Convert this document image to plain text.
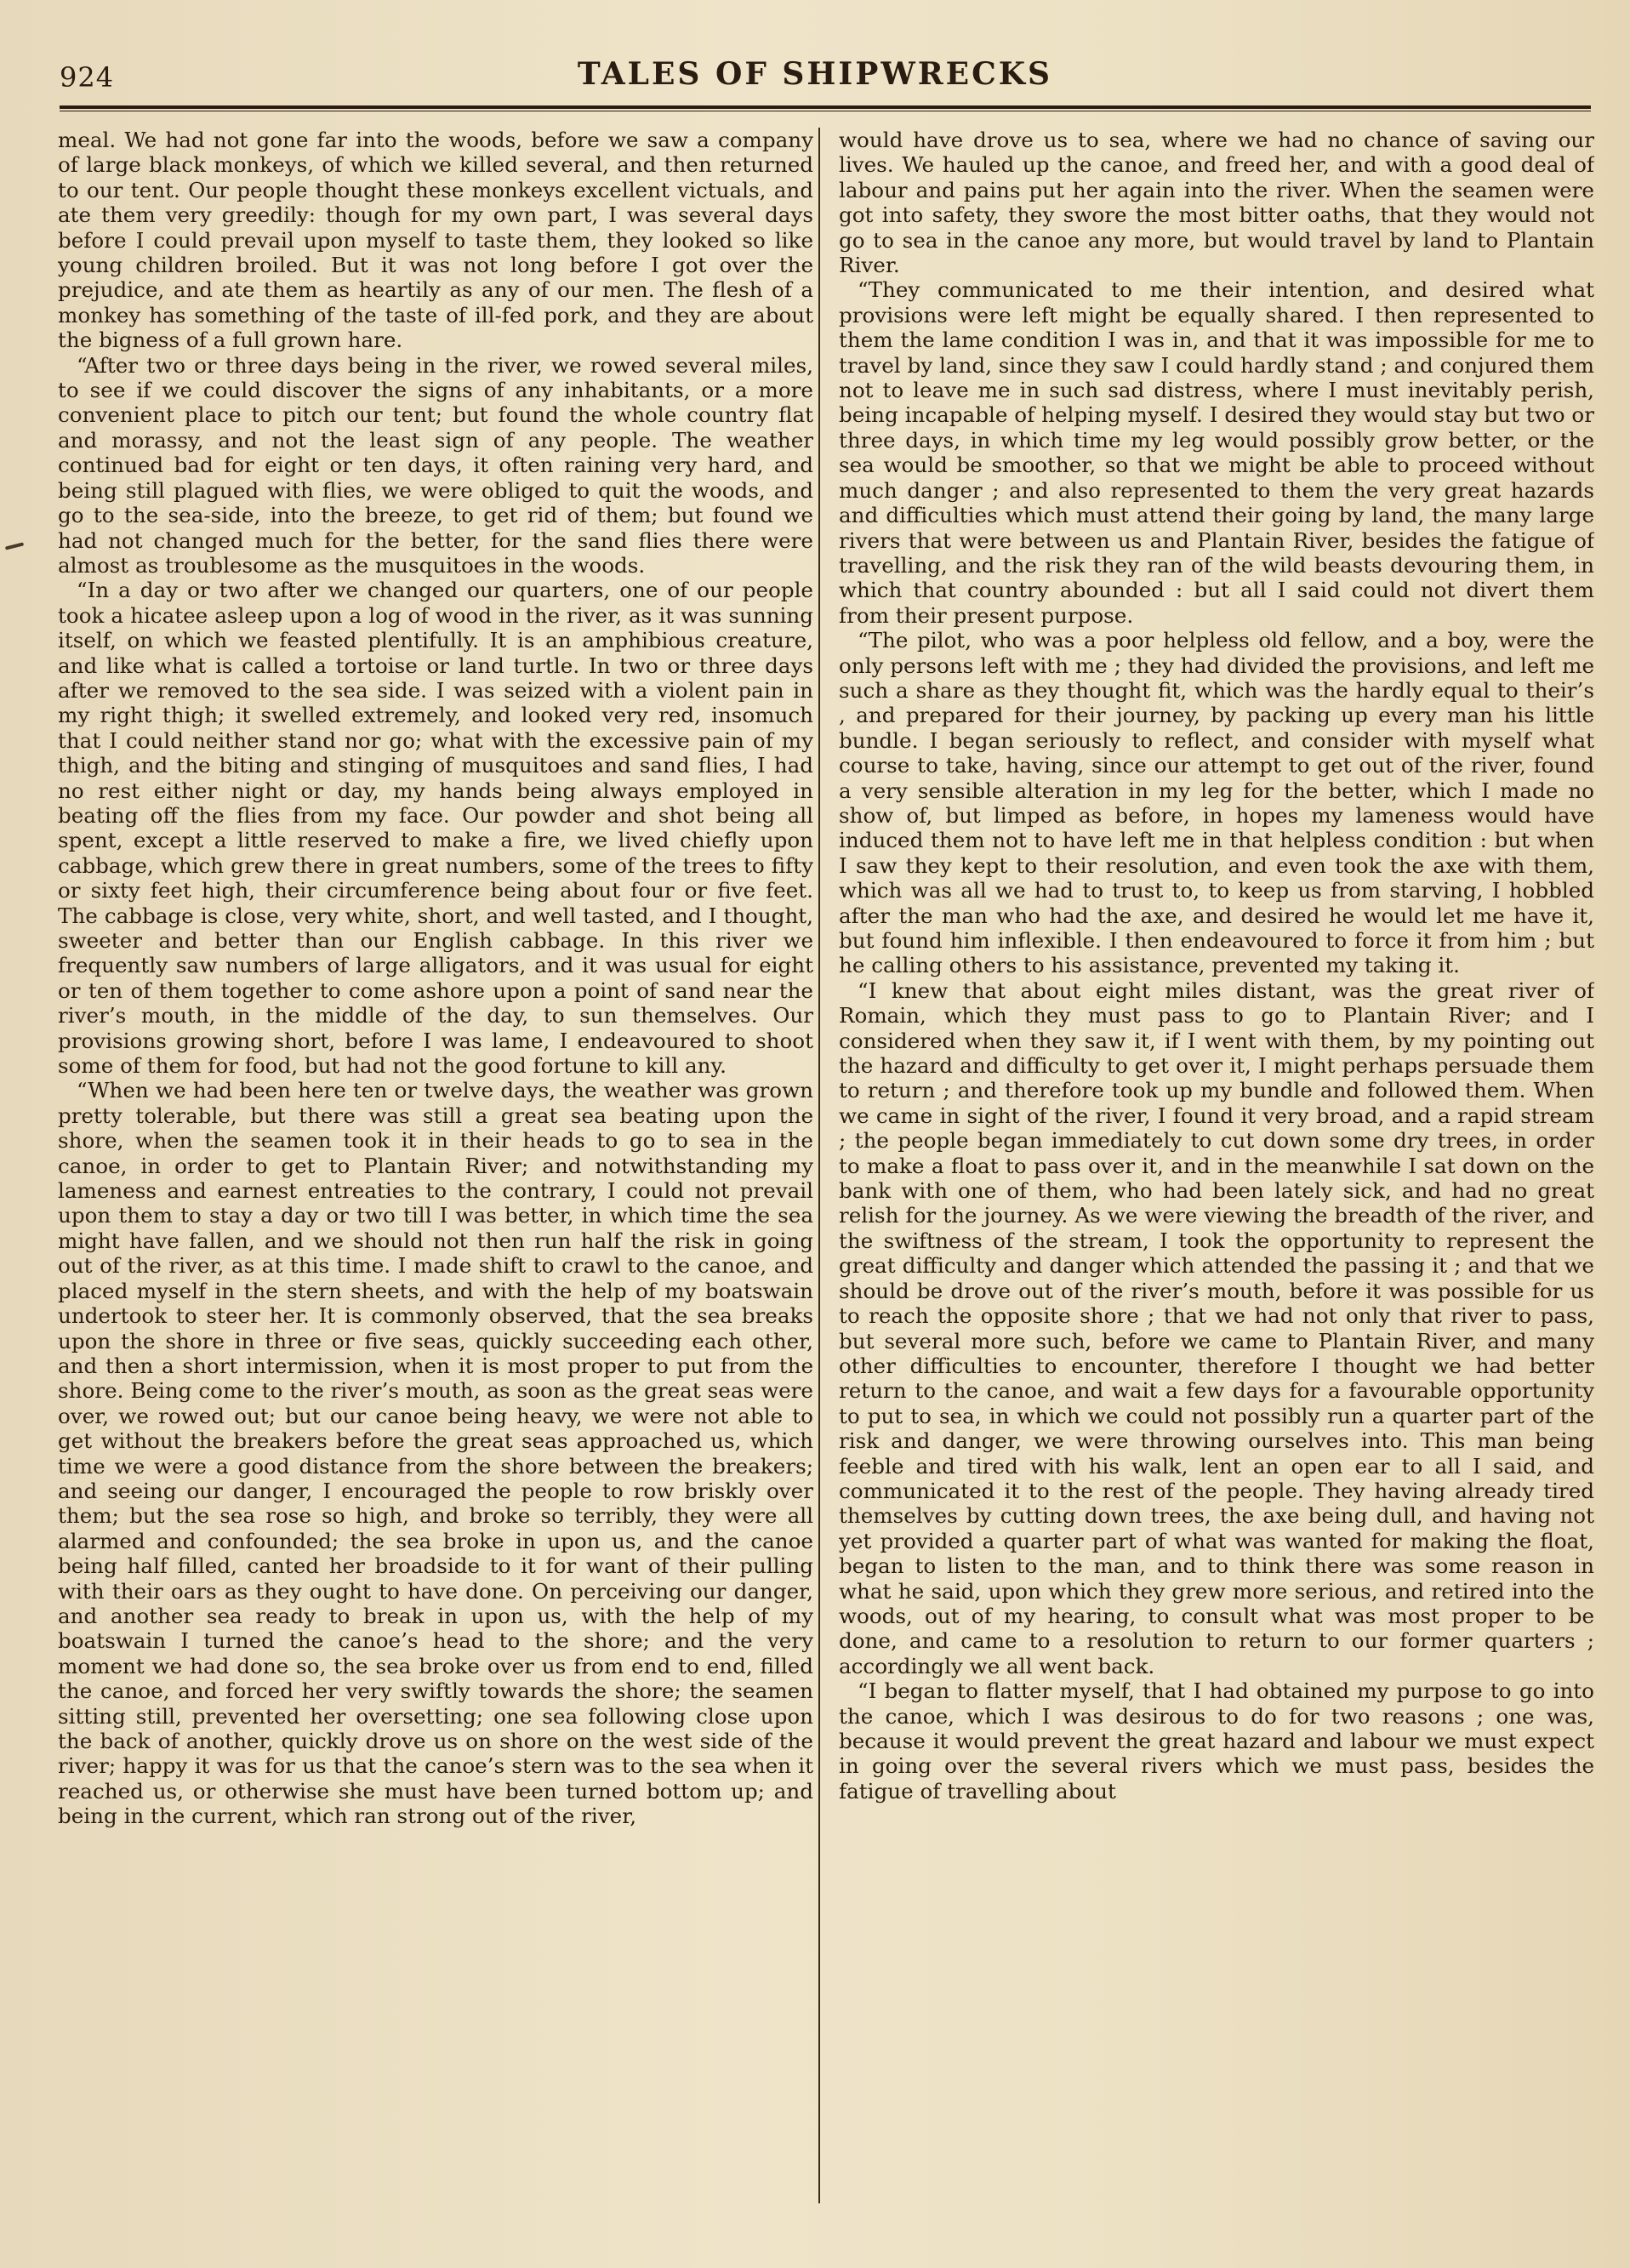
924	TALES OF SHIPWRECKS

meal. We had not gone far into the woods, before we saw a company of large black monkeys, of which we killed several, and then returned to our tent. Our people thought these monkeys excellent victuals, and ate them very greedily: though for my own part, I was several days before I could prevail upon myself to taste them, they looked so like young children broiled. But it was not long before I got over the prejudice, and ate them as heartily as any of our men. The flesh of a monkey has something of the taste of ill-fed pork, and they are about the bigness of a full grown hare.

“After two or three days being in the river, we rowed several miles, to see if we could discover the signs of any inhabitants, or a more convenient place to pitch our tent; but found the whole country flat and morassy, and not the least sign of any people. The weather continued bad for eight or ten days, it often raining very hard, and being still plagued with flies, we were obliged to quit the woods, and go to the sea-side, into the breeze, to get rid of them; but found we had not changed much for the better, for the sand flies there were almost as troublesome as the musquitoes in the woods.

“In a day or two after we changed our quarters, one of our people took a hicatee asleep upon a log of wood in the river, as it was sunning itself, on which we feasted plentifully. It is an amphibious creature, and like what is called a tortoise or land turtle. In two or three days after we removed to the sea side. I was seized with a violent pain in my right thigh; it swelled extremely, and looked very red, insomuch that I could neither stand nor go; what with the excessive pain of my thigh, and the biting and stinging of musquitoes and sand flies, I had no rest either night or day, my hands being always employed in beating off the flies from my face. Our powder and shot being all spent, except a little reserved to make a fire, we lived chiefly upon cabbage, which grew there in great numbers, some of the trees to fifty or sixty feet high, their circumference being about four or five feet. The cabbage is close, very white, short, and well tasted, and I thought, sweeter and better than our English cabbage. In this river we frequently saw numbers of large alligators, and it was usual for eight or ten of them together to come ashore upon a point of sand near the river’s mouth, in the middle of the day, to sun themselves. Our provisions growing short, before I was lame, I endeavoured to shoot some of them for food, but had not the good fortune to kill any.

“When we had been here ten or twelve days, the weather was grown pretty tolerable, but there was still a great sea beating upon the shore, when the seamen took it in their heads to go to sea in the canoe, in order to get to Plantain River; and notwithstanding my lameness and earnest entreaties to the contrary, I could not prevail upon them to stay a day or two till I was better, in which time the sea might have fallen, and we should not then run half the risk in going out of the river, as at this time. I made shift to crawl to the canoe, and placed myself in the stern sheets, and with the help of my boatswain undertook to steer her. It is commonly observed, that the sea breaks upon the shore in three or five seas, quickly succeeding each other, and then a short intermission, when it is most proper to put from the shore. Being come to the river’s mouth, as soon as the great seas were over, we rowed out; but our canoe being heavy, we were not able to get without the breakers before the great seas approached us, which time we were a good distance from the shore between the breakers; and seeing our danger, I encouraged the people to row briskly over them; but the sea rose so high, and broke so terribly, they were all alarmed and confounded; the sea broke in upon us, and the canoe being half filled, canted her broadside to it for want of their pulling with their oars as they ought to have done. On perceiving our danger, and another sea ready to break in upon us, with the help of my boatswain I turned the canoe’s head to the shore; and the very moment we had done so, the sea broke over us from end to end, filled the canoe, and forced her very swiftly towards the shore; the seamen sitting still, prevented her oversetting; one sea following close upon the back of another, quickly drove us on shore on the west side of the river; happy it was for us that the canoe’s stern was to the sea when it reached us, or otherwise she must have been turned bottom up; and being in the current, which ran strong out of the river,

would have drove us to sea, where we had no chance of saving our lives. We hauled up the canoe, and freed her, and with a good deal of labour and pains put her again into the river. When the seamen were got into safety, they swore the most bitter oaths, that they would not go to sea in the canoe any more, but would travel by land to Plantain River.

“They communicated to me their intention, and desired what provisions were left might be equally shared. I then represented to them the lame condition I was in, and that it was impossible for me to travel by land, since they saw I could hardly stand ; and conjured them not to leave me in such sad distress, where I must inevitably perish, being incapable of helping myself. I desired they would stay but two or three days, in which time my leg would possibly grow better, or the sea would be smoother, so that we might be able to proceed without much danger ; and also represented to them the very great hazards and difficulties which must attend their going by land, the many large rivers that were between us and Plantain River, besides the fatigue of travelling, and the risk they ran of the wild beasts devouring them, in which that country abounded : but all I said could not divert them from their present purpose.

“The pilot, who was a poor helpless old fellow, and a boy, were the only persons left with me ; they had divided the provisions, and left me such a share as they thought fit, which was the hardly equal to their’s , and prepared for their journey, by packing up every man his little bundle. I began seriously to reflect, and consider with myself what course to take, having, since our attempt to get out of the river, found a very sensible alteration in my leg for the better, which I made no show of, but limped as before, in hopes my lameness would have induced them not to have left me in that helpless condition : but when I saw they kept to their resolution, and even took the axe with them, which was all we had to trust to, to keep us from starving, I hobbled after the man who had the axe, and desired he would let me have it, but found him inflexible. I then endeavoured to force it from him ; but he calling others to his assistance, prevented my taking it.

“I knew that about eight miles distant, was the great river of Romain, which they must pass to go to Plantain River; and I considered when they saw it, if I went with them, by my pointing out the hazard and difficulty to get over it, I might perhaps persuade them to return ; and therefore took up my bundle and followed them. When we came in sight of the river, I found it very broad, and a rapid stream ; the people began immediately to cut down some dry trees, in order to make a float to pass over it, and in the meanwhile I sat down on the bank with one of them, who had been lately sick, and had no great relish for the journey. As we were viewing the breadth of the river, and the swiftness of the stream, I took the opportunity to represent the great difficulty and danger which attended the passing it ; and that we should be drove out of the river’s mouth, before it was possible for us to reach the opposite shore ; that we had not only that river to pass, but several more such, before we came to Plantain River, and many other difficulties to encounter, therefore I thought we had better return to the canoe, and wait a few days for a favourable opportunity to put to sea, in which we could not possibly run a quarter part of the risk and danger, we were throwing ourselves into. This man being feeble and tired with his walk, lent an open ear to all I said, and communicated it to the rest of the people. They having already tired themselves by cutting down trees, the axe being dull, and having not yet provided a quarter part of what was wanted for making the float, began to listen to the man, and to think there was some reason in what he said, upon which they grew more serious, and retired into the woods, out of my hearing, to consult what was most proper to be done, and came to a resolution to return to our former quarters ; accordingly we all went back.

“I began to flatter myself, that I had obtained my purpose to go into the canoe, which I was desirous to do for two reasons ; one was, because it would prevent the great hazard and labour we must expect in going over the several rivers which we must pass, besides the fatigue of travelling about
